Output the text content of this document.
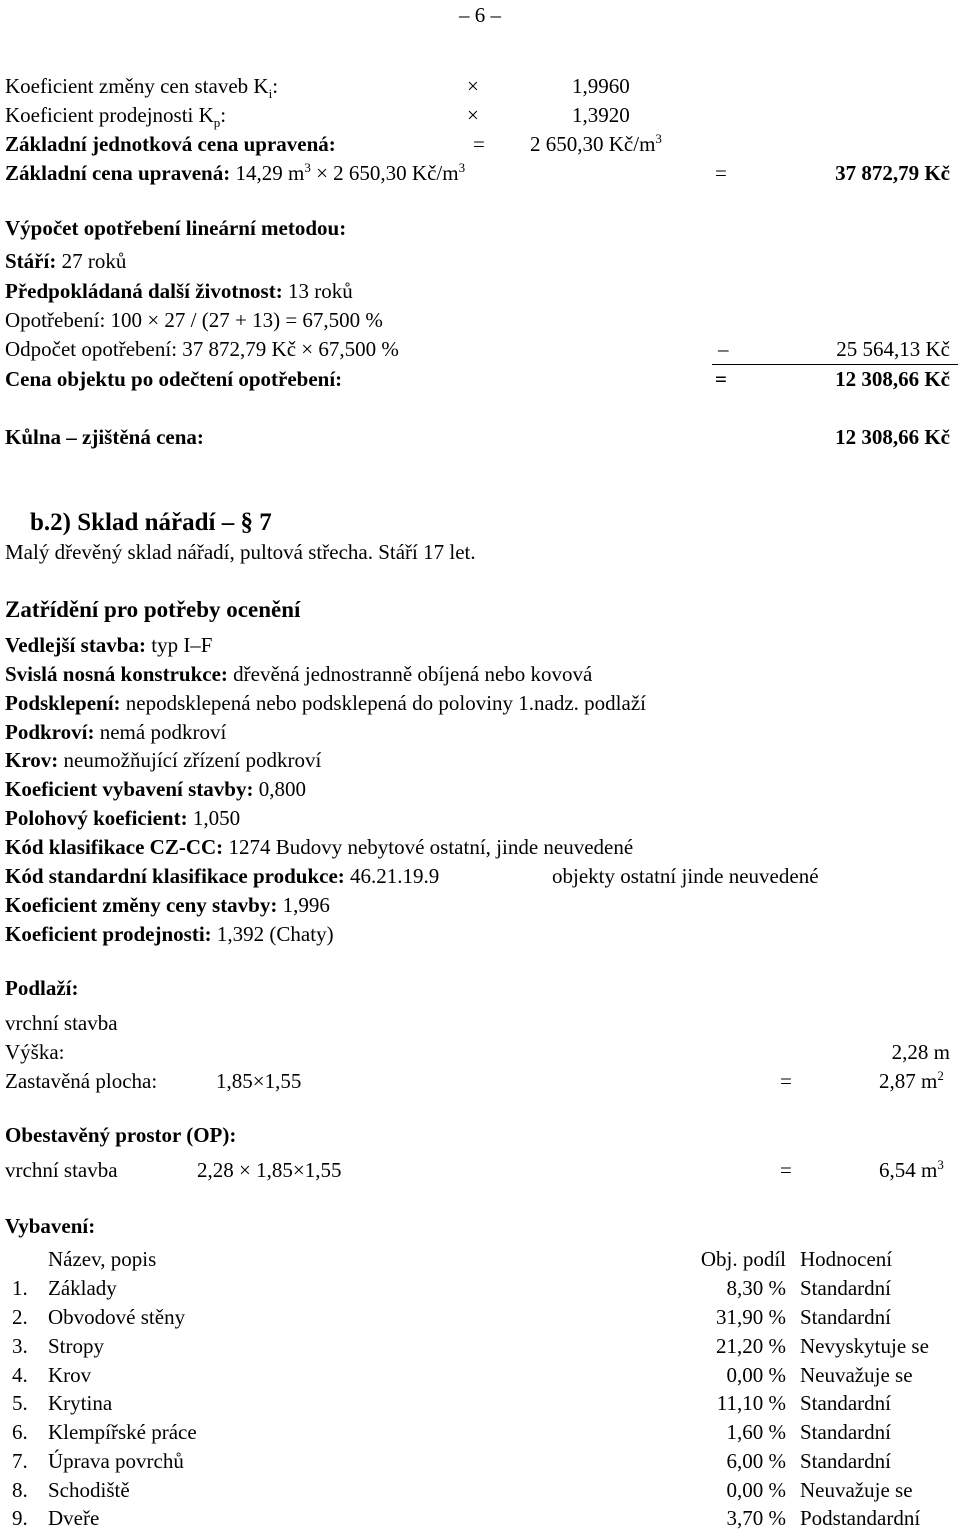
– 6 –
Koeficient změny cen staveb $K_i$:	×	1,9960
Koeficient prodejnosti $K_p$:	×	1,3920
Základní jednotková cena upravená:	= 2 650,30 $Kč/m^3$
Základní cena upravená: 14,29 $m^3 \times 2$ 650,30 $Kč/m^3$	=	37 872,79 Kč
Výpočet opotřebení lineární metodou:
Stáří: 27 roků
Předpokládaná další životnost: 13 roků
Opotřebení: 100 × 27 / (27 + 13) = 67,500 %
Odpočet opotřebení: 37 872,79 Kč × 67,500 %	–	25 564,13 Kč
Cena objektu po odečtení opotřebení:	=	12 308,66 Kč
Kůlna – zjištěná cena:	12 308,66 Kč
b.2) Sklad nářadí – § 7
Malý dřevěný sklad nářadí, pultová střecha. Stáří 17 let.
Zatřídění pro potřeby ocenění
Vedlejší stavba: typ I–F
Svislá nosná konstrukce: dřevěná jednostranně obíjená nebo kovová
Podsklepení: nepodsklepená nebo podsklepená do poloviny 1.nadz. podlaží
Podkroví: nemá podkroví
Krov: neumožňující zřízení podkroví
Koeficient vybavení stavby: 0,800
Polohový koeficient: 1,050
Kód klasifikace CZ-CC: 1274 Budovy nebytové ostatní, jinde neuvedené
Kód standardní klasifikace produkce: 46.21.19.9	objekty ostatní jinde neuvedené
Koeficient změny ceny stavby: 1,996
Koeficient prodejnosti: 1,392 (Chaty)
Podlaží:
vrchní stavba
Výška:	2,28 m
Zastavěná plocha:	1,85×1,55	=	2,87 $m^2$
Obestavěný prostor (OP):
vrchní stavba	2,28 × 1,85×1,55	=	6,54 $m^3$
Vybavení:
Název, popis	Obj. podíl Hodnocení
1. Základy	8,30 % Standardní
2. Obvodové stěny	31,90 % Standardní
3. Stropy	21,20 % Nevyskytuje se
4. Krov	0,00 % Neuvažuje se
5. Krytina	11,10 % Standardní
6. Klempířské práce	1,60 % Standardní
7. Úprava povrchů	6,00 % Standardní
8. Schodiště	0,00 % Neuvažuje se
9. Dveře	3,70 % Podstandardní
